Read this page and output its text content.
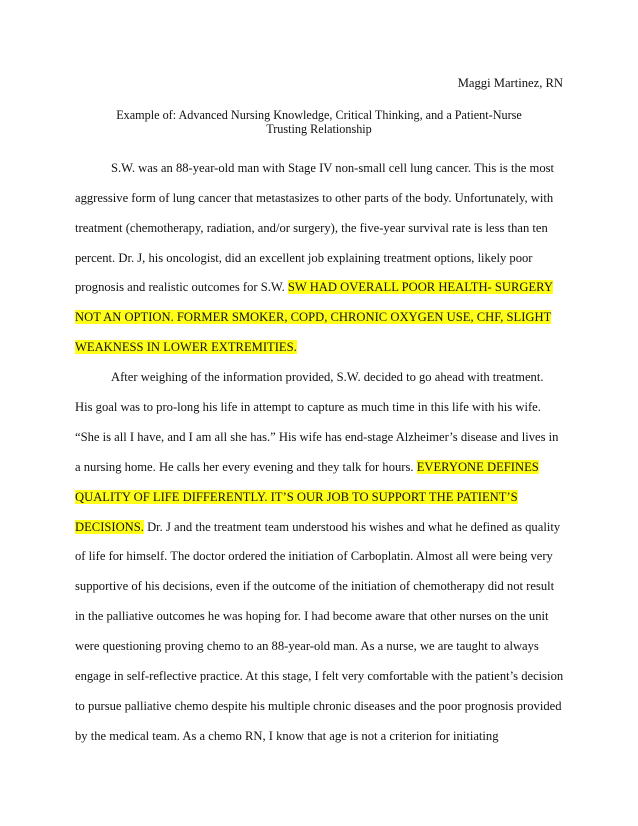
Maggi Martinez, RN
Example of: Advanced Nursing Knowledge, Critical Thinking, and a Patient-Nurse
Trusting Relationship
S.W. was an 88-year-old man with Stage IV non-small cell lung cancer. This is the most
aggressive form of lung cancer that metastasizes to other parts of the body. Unfortunately, with
treatment (chemotherapy, radiation, and/or surgery), the five-year survival rate is less than ten
percent. Dr. J, his oncologist, did an excellent job explaining treatment options, likely poor
prognosis and realistic outcomes for S.W. SW HAD OVERALL POOR HEALTH- SURGERY
NOT AN OPTION. FORMER SMOKER, COPD, CHRONIC OXYGEN USE, CHF, SLIGHT
WEAKNESS IN LOWER EXTREMITIES.
After weighing of the information provided, S.W. decided to go ahead with treatment.
His goal was to pro-long his life in attempt to capture as much time in this life with his wife.
“She is all I have, and I am all she has.” His wife has end-stage Alzheimer’s disease and lives in
a nursing home. He calls her every evening and they talk for hours. EVERYONE DEFINES
QUALITY OF LIFE DIFFERENTLY. IT’S OUR JOB TO SUPPORT THE PATIENT’S
DECISIONS. Dr. J and the treatment team understood his wishes and what he defined as quality
of life for himself. The doctor ordered the initiation of Carboplatin. Almost all were being very
supportive of his decisions, even if the outcome of the initiation of chemotherapy did not result
in the palliative outcomes he was hoping for. I had become aware that other nurses on the unit
were questioning proving chemo to an 88-year-old man. As a nurse, we are taught to always
engage in self-reflective practice. At this stage, I felt very comfortable with the patient’s decision
to pursue palliative chemo despite his multiple chronic diseases and the poor prognosis provided
by the medical team. As a chemo RN, I know that age is not a criterion for initiating
